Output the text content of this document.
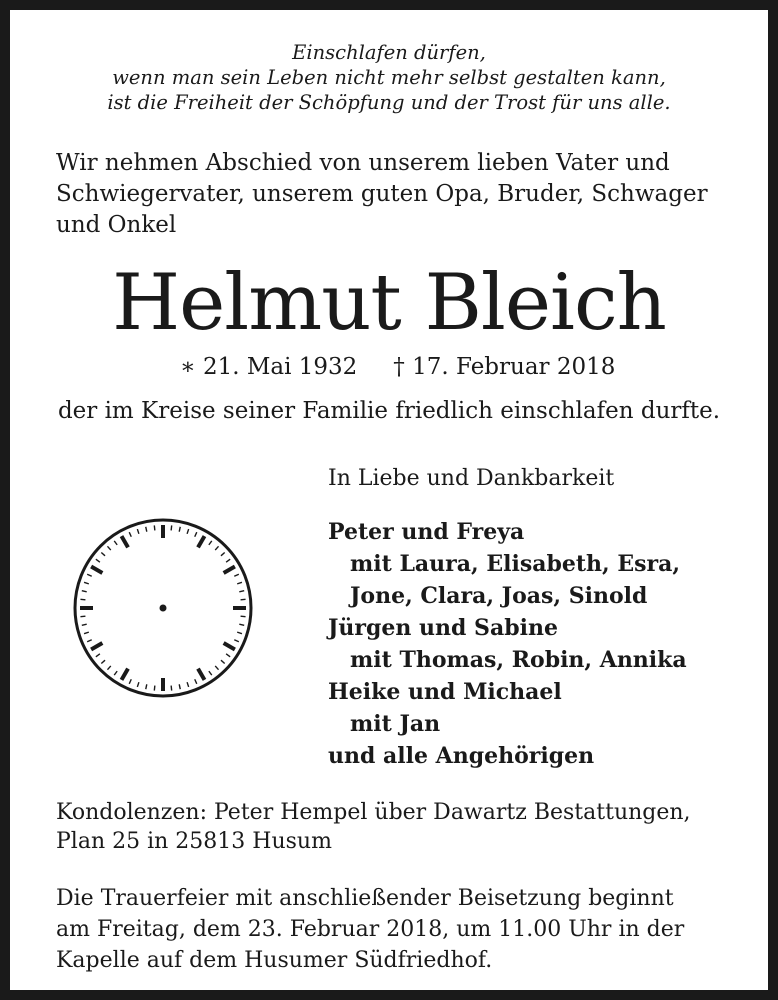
Einschlafen dürfen,
wenn man sein Leben nicht mehr selbst gestalten kann,
ist die Freiheit der Schöpfung und der Trost für uns alle.
Wir nehmen Abschied von unserem lieben Vater und
Schwiegervater, unserem guten Opa, Bruder, Schwager
und Onkel
Helmut Bleich
∗ 21. Mai 1932 † 17. Februar 2018
der im Kreise seiner Familie friedlich einschlafen durfte.
In Liebe und Dankbarkeit
Peter und Freya
mit Laura, Elisabeth, Esra,
Jone, Clara, Joas, Sinold
Jürgen und Sabine
mit Thomas, Robin, Annika
Heike und Michael
mit Jan
und alle Angehörigen
Kondolenzen: Peter Hempel über Dawartz Bestattungen,
Plan 25 in 25813 Husum
Die Trauerfeier mit anschließender Beisetzung beginnt
am Freitag, dem 23. Februar 2018, um 11.00 Uhr in der
Kapelle auf dem Husumer Südfriedhof.
